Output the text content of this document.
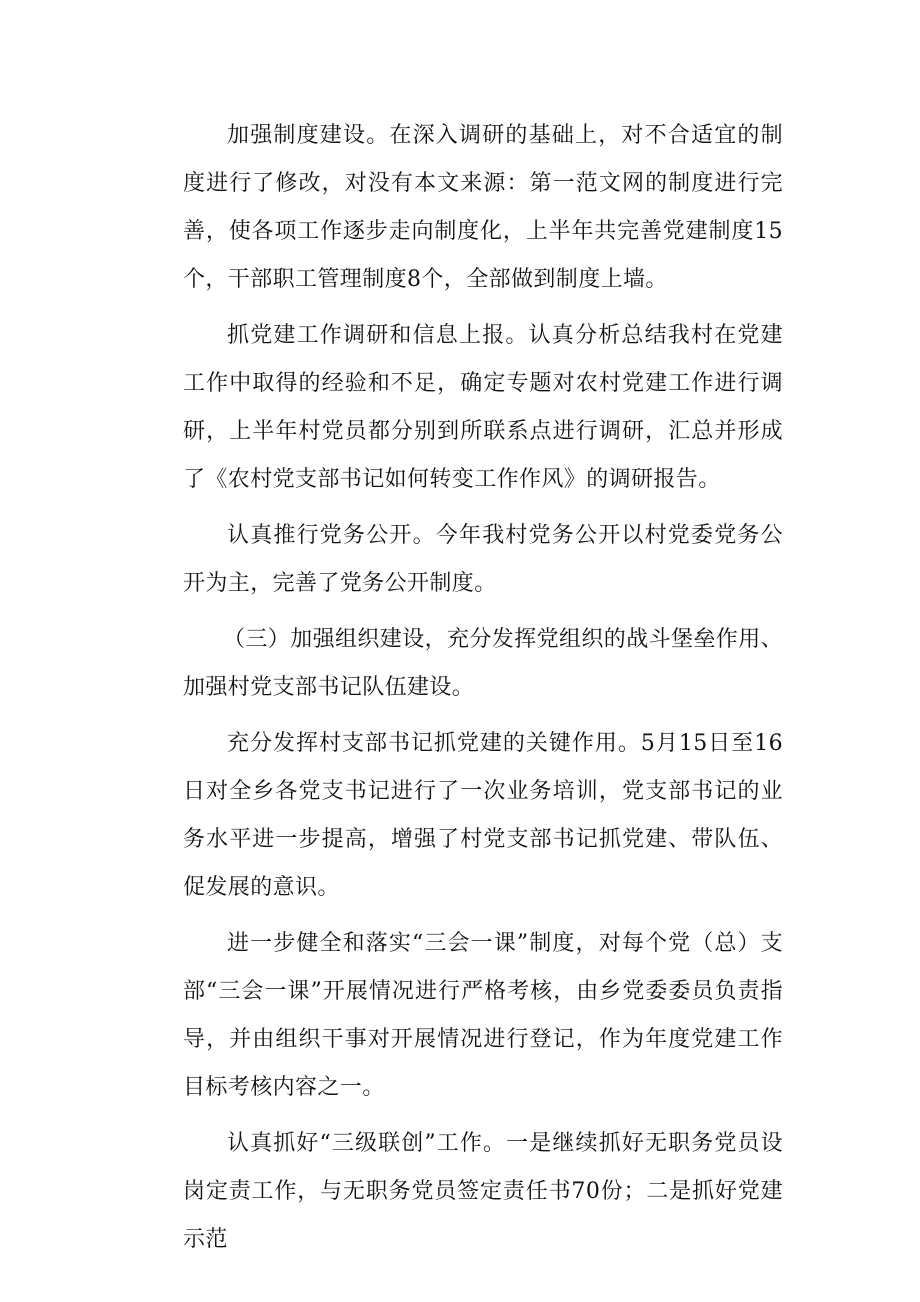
加强制度建设。在深入调研的基础上，对不合适宜的制度进行了修改，对没有本文来源：第一范文网的制度进行完善，使各项工作逐步走向制度化，上半年共完善党建制度15个，干部职工管理制度8个，全部做到制度上墙。

抓党建工作调研和信息上报。认真分析总结我村在党建工作中取得的经验和不足，确定专题对农村党建工作进行调研，上半年村党员都分别到所联系点进行调研，汇总并形成了《农村党支部书记如何转变工作作风》的调研报告。

认真推行党务公开。今年我村党务公开以村党委党务公开为主，完善了党务公开制度。

（三）加强组织建设，充分发挥党组织的战斗堡垒作用、加强村党支部书记队伍建设。

充分发挥村支部书记抓党建的关键作用。5月15日至16日对全乡各党支书记进行了一次业务培训，党支部书记的业务水平进一步提高，增强了村党支部书记抓党建、带队伍、促发展的意识。

进一步健全和落实“三会一课”制度，对每个党（总）支部“三会一课”开展情况进行严格考核，由乡党委委员负责指导，并由组织干事对开展情况进行登记，作为年度党建工作目标考核内容之一。

认真抓好“三级联创”工作。一是继续抓好无职务党员设岗定责工作，与无职务党员签定责任书70份；二是抓好党建示范
